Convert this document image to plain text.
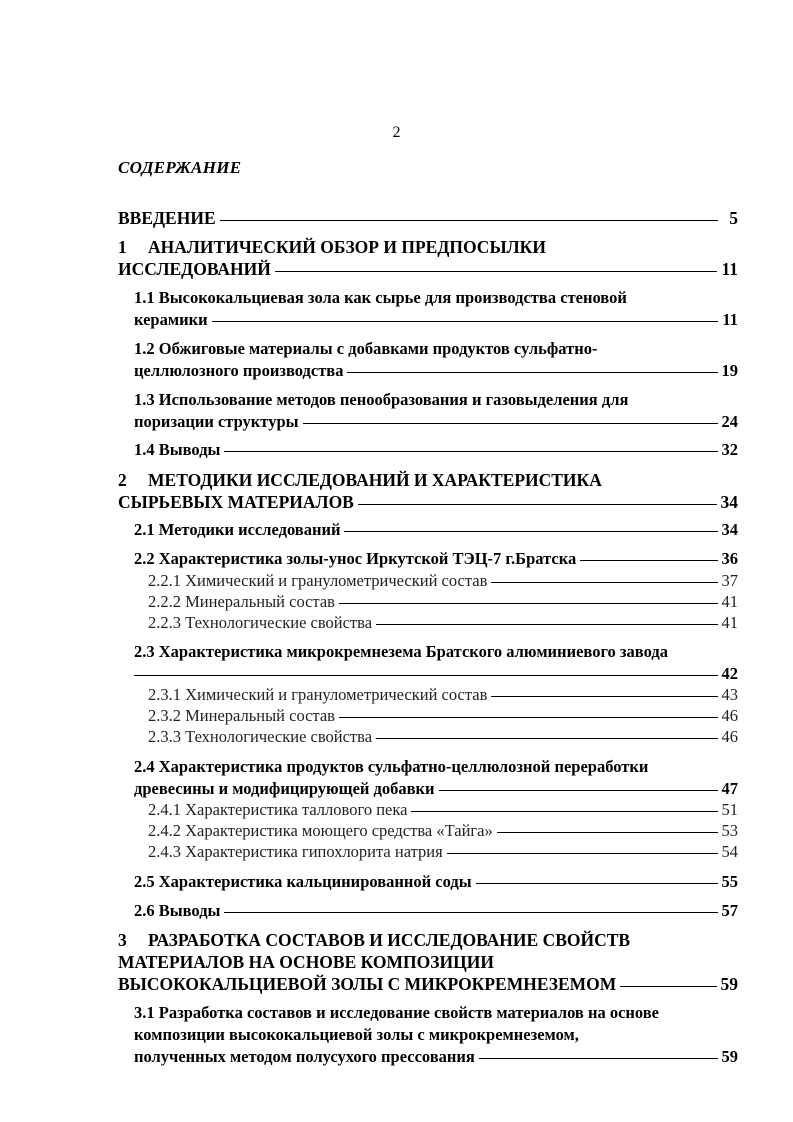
2
СОДЕРЖАНИЕ
ВВЕДЕНИЕ	5
1	АНАЛИТИЧЕСКИЙ ОБЗОР И ПРЕДПОСЫЛКИ
ИССЛЕДОВАНИЙ	11
1.1 Высококальциевая зола как сырье для производства стеновой
керамики	11
1.2 Обжиговые материалы с добавками продуктов сульфатно-
целлюлозного производства	19
1.3 Использование методов пенообразования и газовыделения для
поризации структуры	24
1.4 Выводы	32
2	МЕТОДИКИ ИССЛЕДОВАНИЙ И ХАРАКТЕРИСТИКА
СЫРЬЕВЫХ МАТЕРИАЛОВ	34
2.1 Методики исследований	34
2.2 Характеристика золы-унос Иркутской ТЭЦ-7 г.Братска	36
2.2.1 Химический и гранулометрический состав	37
2.2.2 Минеральный состав	41
2.2.3 Технологические свойства	41
2.3 Характеристика микрокремнезема Братского алюминиевого завода
42
2.3.1 Химический и гранулометрический состав	43
2.3.2 Минеральный состав	46
2.3.3 Технологические свойства	46
2.4 Характеристика продуктов сульфатно-целлюлозной переработки
древесины и модифицирующей добавки	47
2.4.1 Характеристика таллового пека	51
2.4.2 Характеристика моющего средства «Тайга»	53
2.4.3 Характеристика гипохлорита натрия	54
2.5 Характеристика кальцинированной соды	55
2.6 Выводы	57
3	РАЗРАБОТКА СОСТАВОВ И ИССЛЕДОВАНИЕ СВОЙСТВ
МАТЕРИАЛОВ НА ОСНОВЕ КОМПОЗИЦИИ
ВЫСОКОКАЛЬЦИЕВОЙ ЗОЛЫ С МИКРОКРЕМНЕЗЕМОМ	59
3.1 Разработка составов и исследование свойств материалов на основе
композиции высококальциевой золы с микрокремнеземом,
полученных методом полусухого прессования	59
